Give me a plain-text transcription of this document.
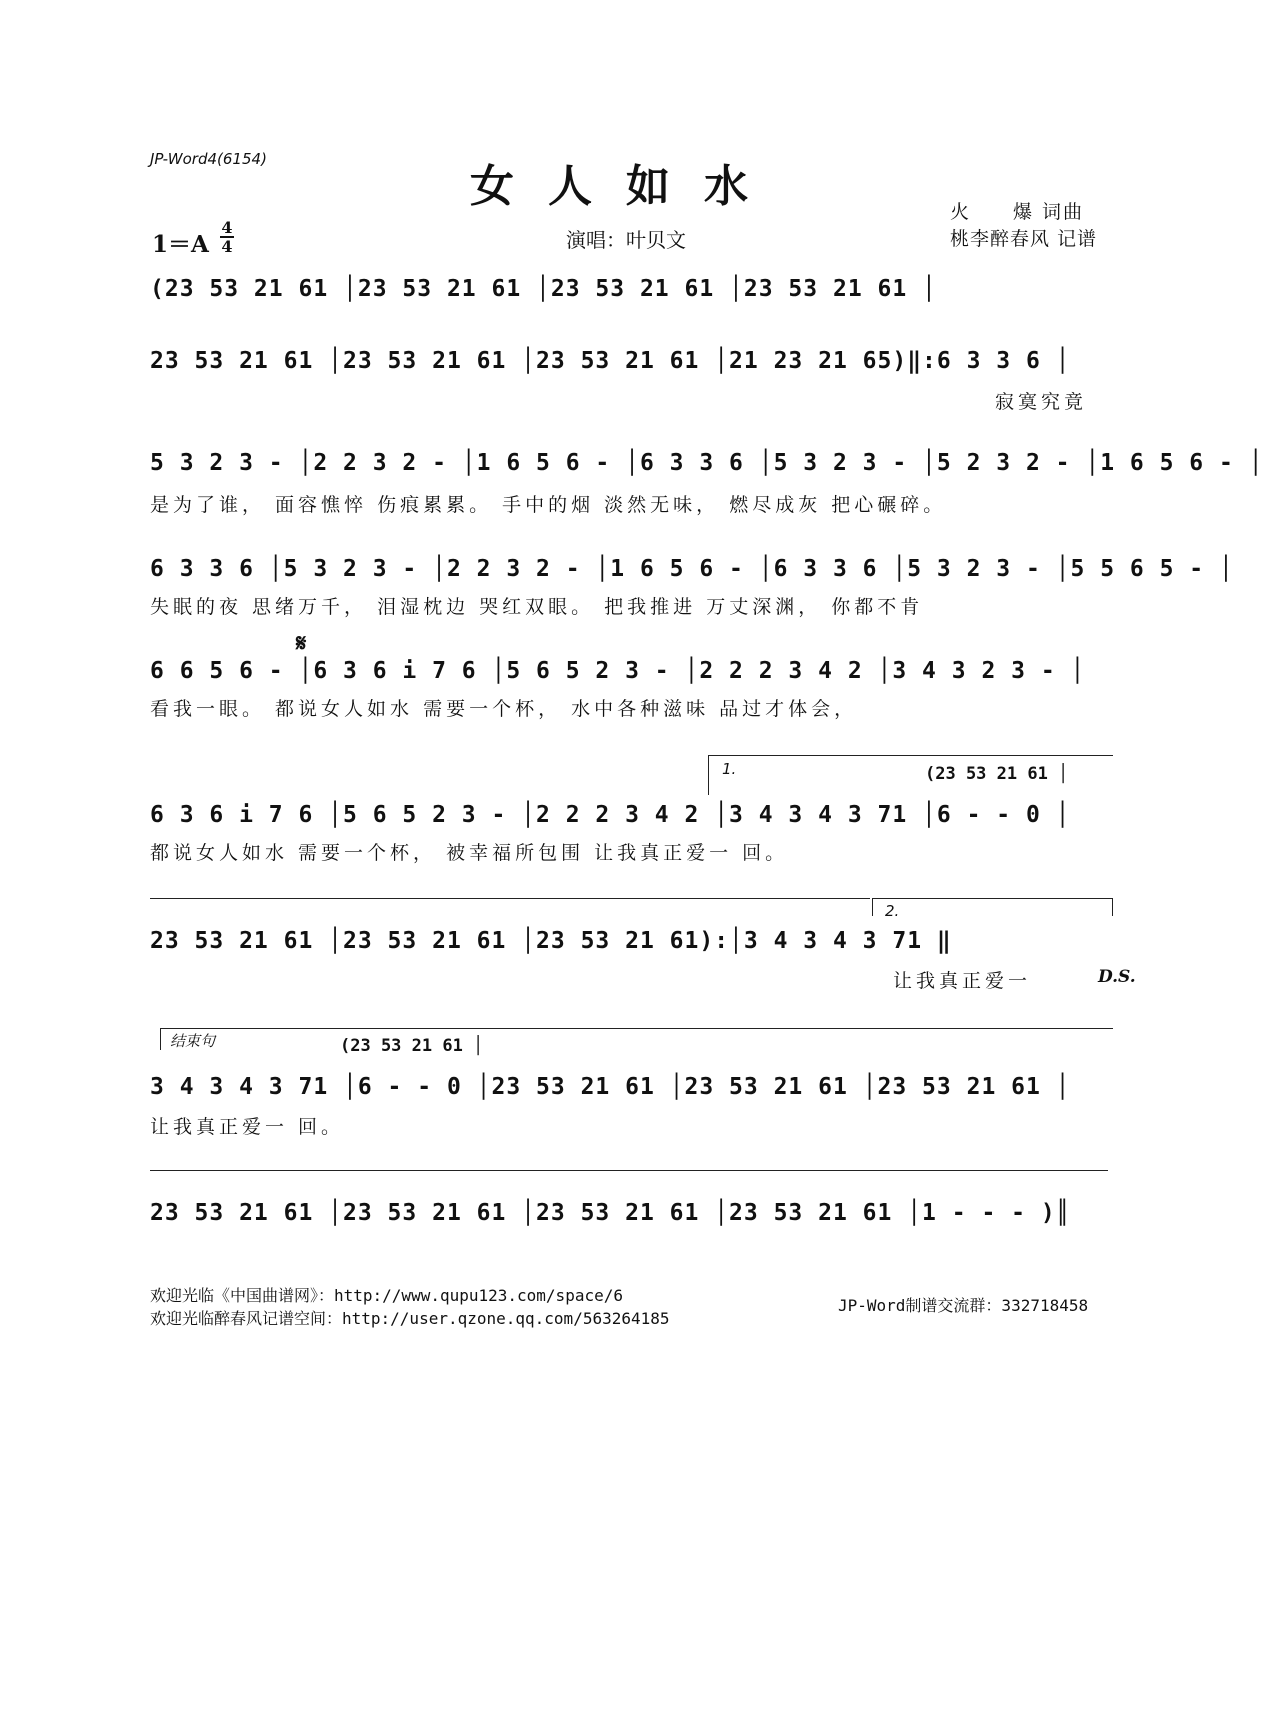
JP-Word4(6154)
女人如水
1＝A
4
4	演唱：叶贝文
火　　爆 词曲
桃李醉春风 记谱
(23 53 21 61 │23 53 21 61 │23 53 21 61 │23 53 21 61 │
23 53 21 61 │23 53 21 61 │23 53 21 61 │21 23 21 65)‖:6 3 3 6 │
寂寞究竟
5 3 2 3 - │2 2 3 2 - │1 6 5 6 - │6 3 3 6 │5 3 2 3 - │5 2 3 2 - │1 6 5 6 - │
是为了谁， 面容憔悴 伤痕累累。 手中的烟 淡然无味， 燃尽成灰 把心碾碎。
6 3 3 6 │5 3 2 3 - │2 2 3 2 - │1 6 5 6 - │6 3 3 6 │5 3 2 3 - │5 5 6 5 - │
失眠的夜 思绪万千， 泪湿枕边 哭红双眼。 把我推进 万丈深渊， 你都不肯
𝄋
6 6 5 6 - │6 3 6 i 7 6 │5 6 5 2 3 - │2 2 2 3 4 2 │3 4 3 2 3 - │
看我一眼。 都说女人如水 需要一个杯， 水中各种滋味 品过才体会，
1.	(23 53 21 61 │
6 3 6 i 7 6 │5 6 5 2 3 - │2 2 2 3 4 2 │3 4 3 4 3 71 │6 - - 0 │
都说女人如水 需要一个杯， 被幸福所包围 让我真正爱一 回。
2.
23 53 21 61 │23 53 21 61 │23 53 21 61):│3 4 3 4 3 71 ‖
让我真正爱一	D.S.
结束句	(23 53 21 61 │
3 4 3 4 3 71 │6 - - 0 │23 53 21 61 │23 53 21 61 │23 53 21 61 │
让我真正爱一 回。
23 53 21 61 │23 53 21 61 │23 53 21 61 │23 53 21 61 │1 - - - )║
欢迎光临《中国曲谱网》：http://www.qupu123.com/space/6
欢迎光临醉春风记谱空间：http://user.qzone.qq.com/563264185
JP-Word制谱交流群：332718458
